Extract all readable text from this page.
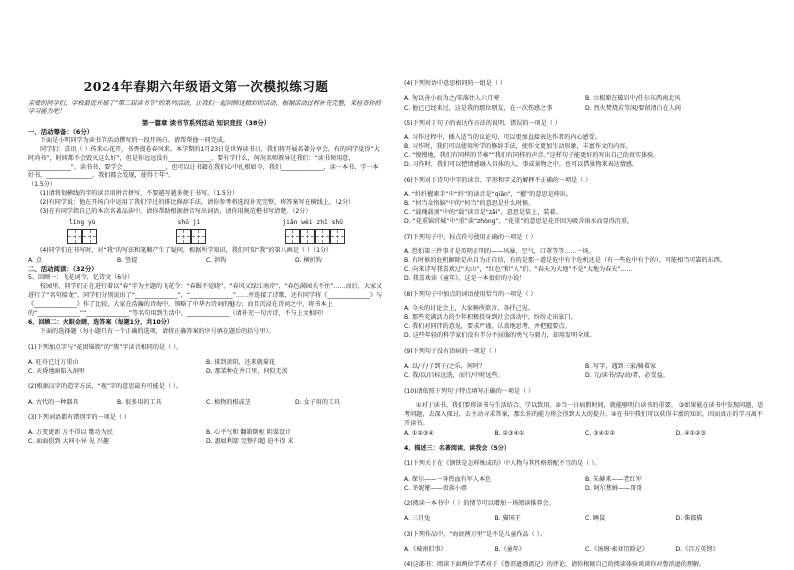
2024年春期六年级语文第一次模拟练习题
亲爱的同学们，学校最近开展了“第三届读书节”的系列活动，让我们一起回顾这精彩的活动，根据活动过程补充完整，来检查你的学习能力吧！
第一篇章 读书节系列活动 知识竞技（38分）
一、活动筹备：（6分）

下面是小明同学为读书节活动撰写的一段开场白，请帮帮他一同完成。

同学们：喜讯（ ）传来心花开，书香漫卷春风来。本学期的1月23日是世界读书日，我们将开展名著分享会。有的同学觉得“大时尚书”，时间都不会毁灭这么好”，但是你远远没有______________，要有学什么，何况名师教导过我们：“读书须用意，______________”。读书书，要学会______________，也可以让书籍在我们心中扎根如今，我们______________，读一本书、学一本好书，_______________，我们都会发现，使得十年”。

（1.5分）

(1)请将划横线的字的读音用拼音拼写，不要越写越多便于书写。（1.5分）

(2)有同学说：他在开场白中运用了我们学过的排比修辞手法。请你参考将选段补充完整，将答案写在横线上，（2分）

(3)在有同学指自己的本次名著品读中，请你帮助根据拼音写出词语，请你用规范楷书写清楚。（2分）

líng yù	shū jì	jiǎn wèi zhī shū

(4)同学们在书写时，对“我”的写法和笔顺产生了疑问，根据所学知识，我们可知“我”的第八画是（ ）（1分）

A. 点	B. 竖提	C. 斜钩	D. 横折钩
二、活动阅读：（32分）

5、回顾一：飞花词令，忆诗文（6分）

校园里，同学们正在进行着以“春”字为主题的飞花令：“春眠不觉晓”、“春风又绿江南岸”、“春色满园关不住”……而后，大家又进行了“名句接龙”，同学们分别说出了“______________”，“______________”……并连接了诗歌，还有同学将《______________》与《______________》作了比较。大家在浩瀚的诗海中，领略了中华古诗词的魅力；而且沉浸在诗词之中，将书本上的“______________”“______________”等名句用到生活中。______________（请补充一句古诗，不与上文相同）

6、回顾二：火眼金睛，选答案（每题1分，共10分）

下面的选择题（每小题只有一个正确的选项，请将正确答案的序号填在题后的括号里）。

(1)下列加点字与“花团锦簇”的“簇”字读音相同的是（ ）。

A. 旺舟已过万重山	B. 徘到黄阳，还来就菊花
C. 天昏地暗陷入洞里	D. 那菜种在井口里，何似无羡

(2)根据汉字的造字方法，“视”字的意思最有可能是（ ）。

A. 古代的一种器具	B. 很多用的工具	C. 植物的根或茎	D. 女子用的工具

(3)下列词语都有错别字的一项是（ ）

A. 万变更新 万不得以 歌功为民	B. 心平气和 翻箱倒柜 阴谋设计
C. 面面俱到 大同小异 见 兴趣	D. 惠如利箭 完整归超 迫不得 求

(4)下列短语中意思相同的一组是（ ）

A. 匆以善小而为之/零落往人六月寒	B. 立根原在破岩中/任尔东西南北风
C. 他已已经来过，这是我的那位朋友，在一次伤感之事	D. 烈火焚烧若等闲/要留清白在人间

(5)下列对于句子的表达作方法的说明，错误的一项是（ ）

A. 习作过程中，插入适当的议论句，可以更加直接表达作者的内心感受。

B. 习作时，我们可以使用所学的修辞手法，使作文更加生动形象，丰富作文的内容。

C. “慢慢地，我们有同样的节奏”“我们有同样的声音。”这样句子能更好的写出自己的真实体验。

D. 习作时，我们可以把情感融入具体的人，事或景物之中，也可以借景物来表达情感。

(6)下列对于诗句中字的读音、字形和字义的解释不正确的一项是（ ）

A. “纤纤擢素手”中“纤”的读音是“qiān”，“擢”的意思是伸出。

B. “何当金络脑”中的“何当”的意思是什么时候。

C. “载瑰载顶”中的“载”读音是“zǎi”，意思是装上，装着。

D. “花重锦官城”中“重”读“zhòng”，“花重”的意思是花开因为吸含雨水而显得沉重。

(7)下列句子中，标点符号使用正确的一项是（ ）

A. 恐怕第三件事才是英明正明的——风暴，空气，口罩等等……一场。

B. 有时候的危机解除是出自为正自信，有的是那一道是危中有个危机还是（有一些危中有个的），可能相当可靠的东西。

C. 向来诗写我喜欢过“大山”，“红色”和“人”们。“春天为大地”不是“大地为春天”……

D. 我喜欢读《童年》，这是一本很好的小说！

(8)下列句子中加点的词语使用恰当的一项是（ ）

A. 今天的讨论会上，大家畅所欲言，各抒己见。

B. 那些充满活力的少年积极投身到社会活动中，纷纷走出家门。

C. 我们对同伴的意见，要求严谨，认真地思考，并把握要点。

D. 这些年轻的科学家们没有半分不屈服的勇气与毅力，却用发明全球。

(9)下列句子没有语病的一项是（ ）

A. 以/子/子到子/之乐，何时？	B. 写字，遇到三家/骑着家
C. 我/以/目标远选，而行/中时远些。	D. 元/读书/活/动/者，必受益。

(10)请依照下列句子特点填写正确的一项是（ ）

①对于读书，我们要将读书与生活结合，学以致用。②当一日病假时间，就能够明白读书的重要。 ③如果能在读书中发现问题，思考问题，去深入探讨，去主动寻求答案，那么你的能力将会得到大大的提升。④在书中我们可以获得丰富的知识，因而真正的学习离不开读书。

A. ①②③④	B. ②③④①	C. ③④①②	D. ④①②③

4、描述三：名著阅读，读我会（5分）

(1)下列关于在《钢铁是怎样炼成的》中人物与其性格搭配不当的是（ ）。

A. 保尔——一身热血有军人本色	B. 朱赫来——老红军
C. 冬妮娅——贵族小姐	D. 阿尔焦姆——哥哥

(2)阅读一本书中（ ）的情节可以增加一场阅读推荐会。

A. 三月兔	B. 猫国王	C. 睡鼠	D. 柴郡猫

(3)下列作品中，“海底两万里”是不是儿童作品（ ）。

A.《城南旧事》	B.《童年》	C.《汤姆·索亚历险记》	D.《百万英镑》

(4)这部书：阅读下面两位学者对于《鲁滨逊漂流记》的评论，请你根据自己的阅读体验谈谈你对鲁滨逊的理解。
